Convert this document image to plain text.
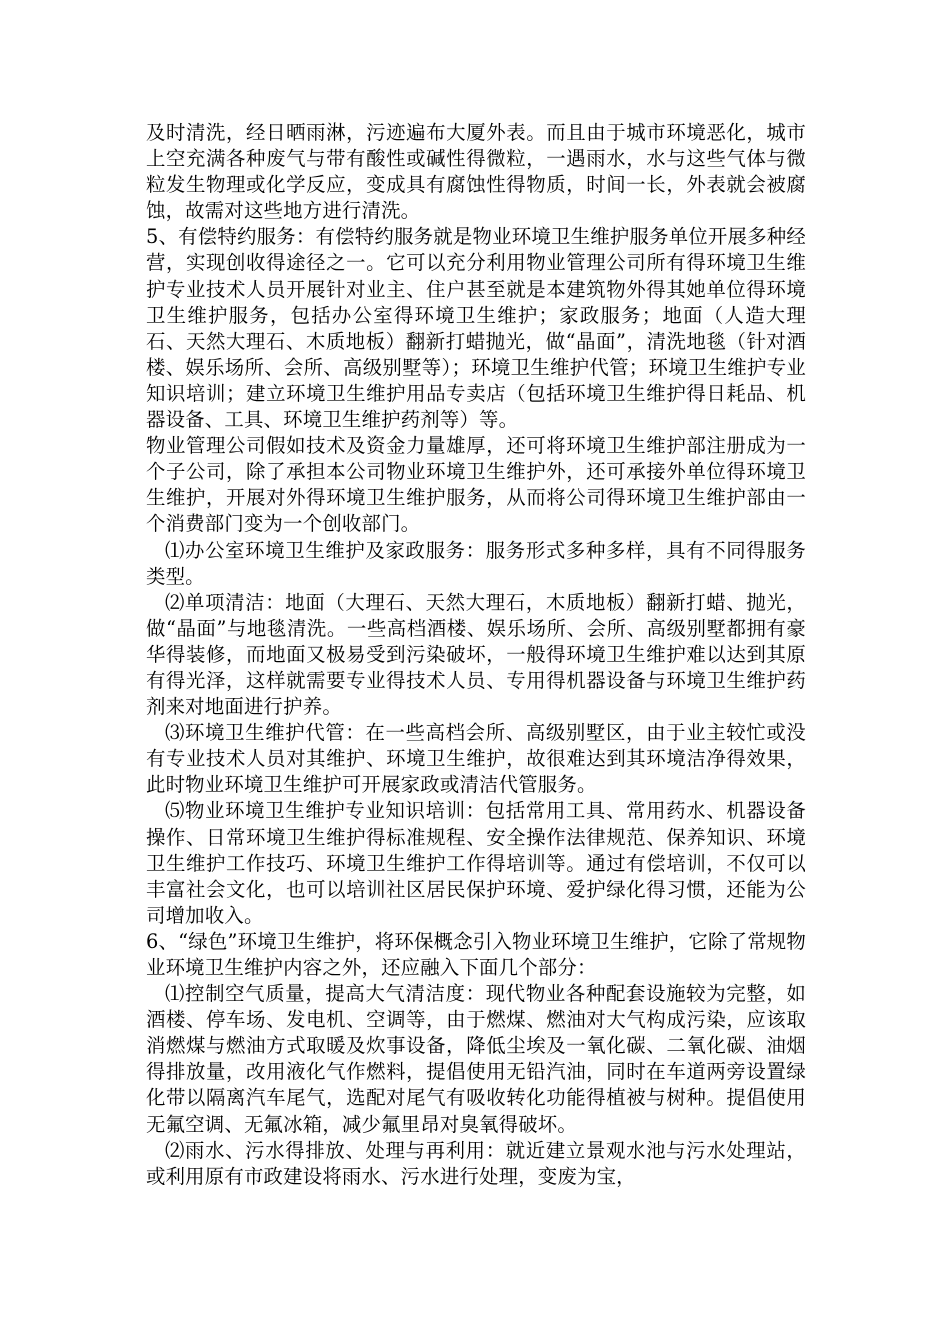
及时清洗，经日晒雨淋，污迹遍布大厦外表。而且由于城市环境恶化，城市上空充满各种废气与带有酸性或碱性得微粒，一遇雨水，水与这些气体与微粒发生物理或化学反应，变成具有腐蚀性得物质，时间一长，外表就会被腐蚀，故需对这些地方进行清洗。

5、有偿特约服务：有偿特约服务就是物业环境卫生维护服务单位开展多种经营，实现创收得途径之一。它可以充分利用物业管理公司所有得环境卫生维护专业技术人员开展针对业主、住户甚至就是本建筑物外得其她单位得环境卫生维护服务，包括办公室得环境卫生维护；家政服务；地面（人造大理石、天然大理石、木质地板）翻新打蜡抛光，做“晶面”，清洗地毯（针对酒楼、娱乐场所、会所、高级别墅等）；环境卫生维护代管；环境卫生维护专业知识培训；建立环境卫生维护用品专卖店（包括环境卫生维护得日耗品、机器设备、工具、环境卫生维护药剂等）等。

物业管理公司假如技术及资金力量雄厚，还可将环境卫生维护部注册成为一个子公司，除了承担本公司物业环境卫生维护外，还可承接外单位得环境卫生维护，开展对外得环境卫生维护服务，从而将公司得环境卫生维护部由一个消费部门变为一个创收部门。

⑴办公室环境卫生维护及家政服务：服务形式多种多样，具有不同得服务类型。

⑵单项清洁：地面（大理石、天然大理石，木质地板）翻新打蜡、抛光，做“晶面”与地毯清洗。一些高档酒楼、娱乐场所、会所、高级别墅都拥有豪华得装修，而地面又极易受到污染破坏，一般得环境卫生维护难以达到其原有得光泽，这样就需要专业得技术人员、专用得机器设备与环境卫生维护药剂来对地面进行护养。

⑶环境卫生维护代管：在一些高档会所、高级别墅区，由于业主较忙或没有专业技术人员对其维护、环境卫生维护，故很难达到其环境洁净得效果，此时物业环境卫生维护可开展家政或清洁代管服务。

⑸物业环境卫生维护专业知识培训：包括常用工具、常用药水、机器设备操作、日常环境卫生维护得标准规程、安全操作法律规范、保养知识、环境卫生维护工作技巧、环境卫生维护工作得培训等。通过有偿培训，不仅可以丰富社会文化，也可以培训社区居民保护环境、爱护绿化得习惯，还能为公司增加收入。

6、“绿色”环境卫生维护，将环保概念引入物业环境卫生维护，它除了常规物业环境卫生维护内容之外，还应融入下面几个部分：

⑴控制空气质量，提高大气清洁度：现代物业各种配套设施较为完整，如酒楼、停车场、发电机、空调等，由于燃煤、燃油对大气构成污染，应该取消燃煤与燃油方式取暖及炊事设备，降低尘埃及一氧化碳、二氧化碳、油烟得排放量，改用液化气作燃料，提倡使用无铅汽油，同时在车道两旁设置绿化带以隔离汽车尾气，选配对尾气有吸收转化功能得植被与树种。提倡使用无氟空调、无氟冰箱，减少氟里昂对臭氧得破坏。

⑵雨水、污水得排放、处理与再利用：就近建立景观水池与污水处理站，或利用原有市政建设将雨水、污水进行处理，变废为宝，
